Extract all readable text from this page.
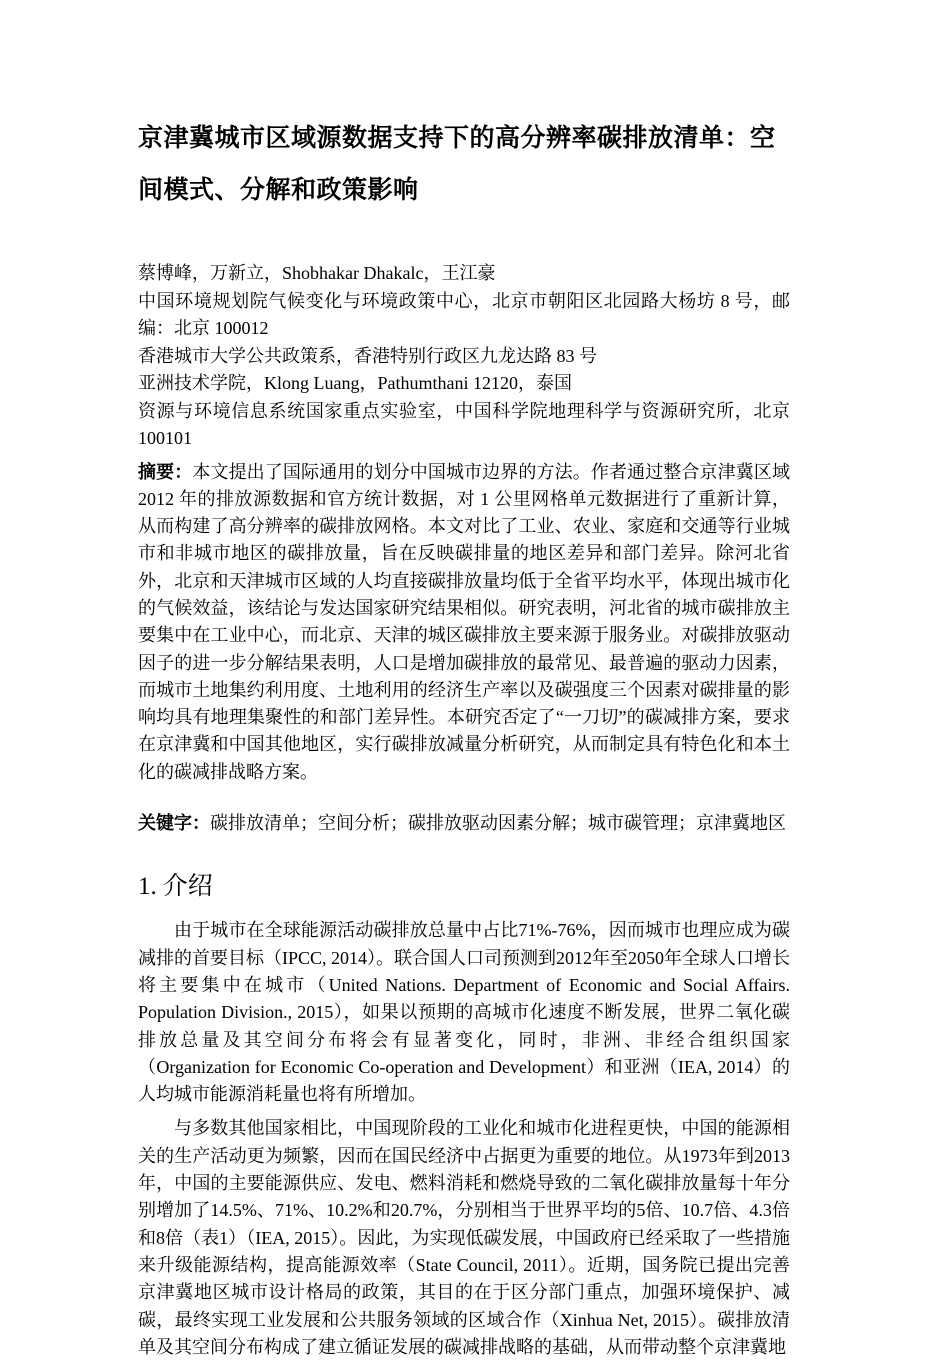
京津冀城市区域源数据支持下的高分辨率碳排放清单：空间模式、分解和政策影响

蔡博峰，万新立，Shobhakar Dhakalc，王江豪

中国环境规划院气候变化与环境政策中心，北京市朝阳区北园路大杨坊 8 号，邮编：北京 100012

香港城市大学公共政策系，香港特别行政区九龙达路 83 号

亚洲技术学院，Klong Luang，Pathumthani 12120，泰国

资源与环境信息系统国家重点实验室，中国科学院地理科学与资源研究所，北京 100101

摘要：本文提出了国际通用的划分中国城市边界的方法。作者通过整合京津冀区域 2012 年的排放源数据和官方统计数据，对 1 公里网格单元数据进行了重新计算，从而构建了高分辨率的碳排放网格。本文对比了工业、农业、家庭和交通等行业城市和非城市地区的碳排放量，旨在反映碳排量的地区差异和部门差异。除河北省外，北京和天津城市区域的人均直接碳排放量均低于全省平均水平，体现出城市化的气候效益，该结论与发达国家研究结果相似。研究表明，河北省的城市碳排放主要集中在工业中心，而北京、天津的城区碳排放主要来源于服务业。对碳排放驱动因子的进一步分解结果表明，人口是增加碳排放的最常见、最普遍的驱动力因素，而城市土地集约利用度、土地利用的经济生产率以及碳强度三个因素对碳排量的影响均具有地理集聚性的和部门差异性。本研究否定了“一刀切”的碳减排方案，要求在京津冀和中国其他地区，实行碳排放减量分析研究，从而制定具有特色化和本土化的碳减排战略方案。

关键字：碳排放清单；空间分析；碳排放驱动因素分解；城市碳管理；京津冀地区

1. 介绍

由于城市在全球能源活动碳排放总量中占比71%-76%，因而城市也理应成为碳减排的首要目标（IPCC, 2014）。联合国人口司预测到2012年至2050年全球人口增长将主要集中在城市（United Nations. Department of Economic and Social Affairs. Population Division., 2015），如果以预期的高城市化速度不断发展，世界二氧化碳排放总量及其空间分布将会有显著变化，同时，非洲、非经合组织国家（Organization for Economic Co-operation and Development）和亚洲（IEA, 2014）的人均城市能源消耗量也将有所增加。

与多数其他国家相比，中国现阶段的工业化和城市化进程更快，中国的能源相关的生产活动更为频繁，因而在国民经济中占据更为重要的地位。从1973年到2013年，中国的主要能源供应、发电、燃料消耗和燃烧导致的二氧化碳排放量每十年分别增加了14.5%、71%、10.2%和20.7%，分别相当于世界平均的5倍、10.7倍、4.3倍和8倍（表1）（IEA, 2015）。因此，为实现低碳发展，中国政府已经采取了一些措施来升级能源结构，提高能源效率（State Council, 2011）。近期，国务院已提出完善京津冀地区城市设计格局的政策，其目的在于区分部门重点，加强环境保护、减碳，最终实现工业发展和公共服务领域的区域合作（Xinhua Net, 2015）。碳排放清单及其空间分布构成了建立循证发展的碳减排战略的基础，从而带动整个京津冀地
